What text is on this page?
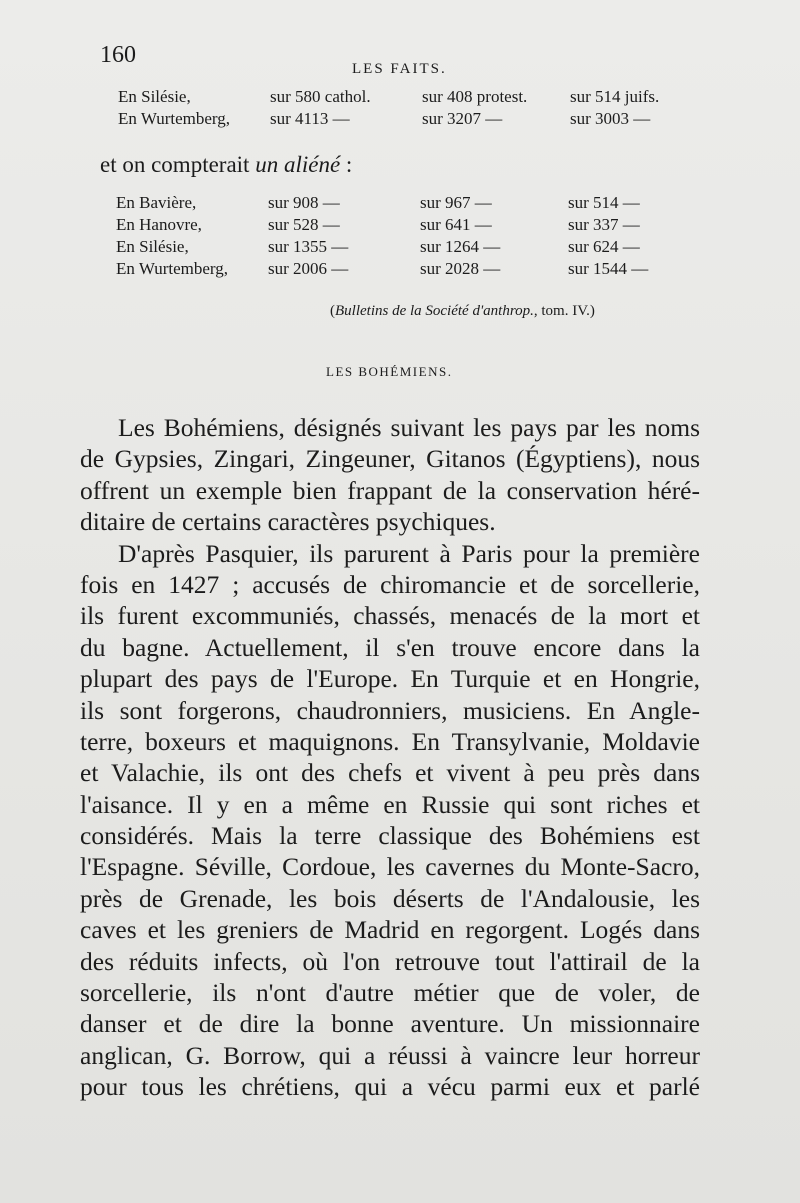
160
LES FAITS.
En Silésie,	sur 580 cathol.	sur 408 protest.	sur 514 juifs.
En Wurtemberg, sur 4113 —	sur 3207 —	sur 3003 —
et on compterait un aliéné :
En Bavière,	sur 908 —	sur 967 —	sur 514 —
En Hanovre,	sur 528 —	sur 641 —	sur 337 —
En Silésie,	sur 1355 —	sur 1264 —	sur 624 —
En Wurtemberg, sur 2006 —	sur 2028 —	sur 1544 —
(Bulletins de la Société d'anthrop., tom. IV.)
LES BOHÉMIENS.
Les Bohémiens, désignés suivant les pays par les noms
de Gypsies, Zingari, Zingeuner, Gitanos (Égyptiens), nous
offrent un exemple bien frappant de la conservation héré-
ditaire de certains caractères psychiques.
D'après Pasquier, ils parurent à Paris pour la première
fois en 1427 ; accusés de chiromancie et de sorcellerie,
ils furent excommuniés, chassés, menacés de la mort et
du bagne. Actuellement, il s'en trouve encore dans la
plupart des pays de l'Europe. En Turquie et en Hongrie,
ils sont forgerons, chaudronniers, musiciens. En Angle-
terre, boxeurs et maquignons. En Transylvanie, Moldavie
et Valachie, ils ont des chefs et vivent à peu près dans
l'aisance. Il y en a même en Russie qui sont riches et
considérés. Mais la terre classique des Bohémiens est
l'Espagne. Séville, Cordoue, les cavernes du Monte-Sacro,
près de Grenade, les bois déserts de l'Andalousie, les
caves et les greniers de Madrid en regorgent. Logés dans
des réduits infects, où l'on retrouve tout l'attirail de la
sorcellerie, ils n'ont d'autre métier que de voler, de
danser et de dire la bonne aventure. Un missionnaire
anglican, G. Borrow, qui a réussi à vaincre leur horreur
pour tous les chrétiens, qui a vécu parmi eux et parlé
